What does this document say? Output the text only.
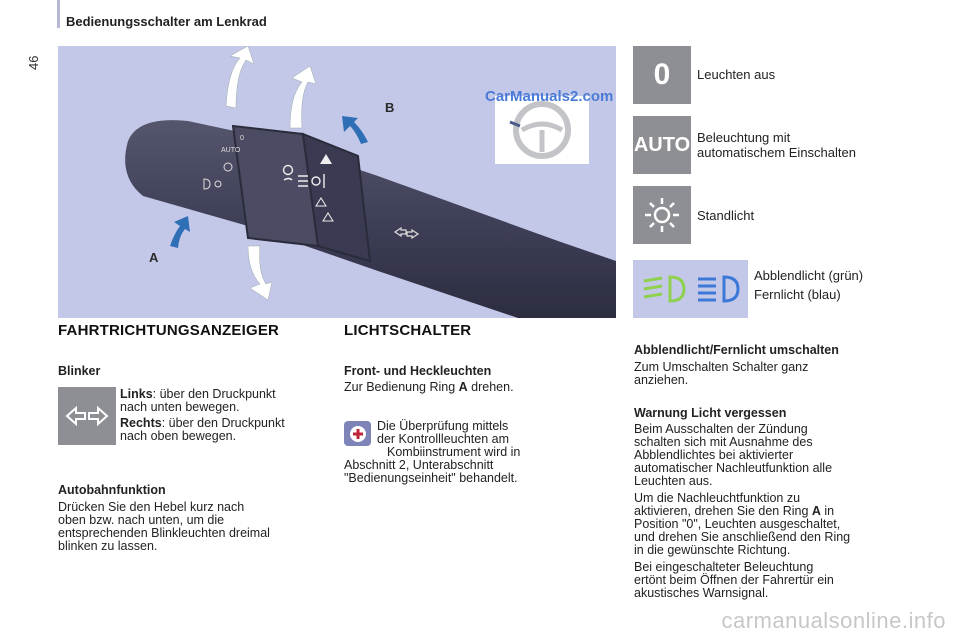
46
Bedienungsschalter am Lenkrad
0
AUTO
A
B
CarManuals2.com
0 Leuchten aus
AUTO Beleuchtung mit
automatischem Einschalten
Standlicht
Abblendlicht (grün)
Fernlicht (blau)
FAHRTRICHTUNGSANZEIGER
Blinker
Links: über den Druckpunkt
nach unten bewegen.
Rechts: über den Druckpunkt
nach oben bewegen.
Autobahnfunktion
Drücken Sie den Hebel kurz nach
oben bzw. nach unten, um die
entsprechenden Blinkleuchten dreimal
blinken zu lassen.
LICHTSCHALTER
Front- und Heckleuchten
Zur Bedienung Ring A drehen.
Die Überprüfung mittels
der Kontrollleuchten am
Kombiinstrument wird in
Abschnitt 2, Unterabschnitt
"Bedienungseinheit" behandelt.
Abblendlicht/Fernlicht umschalten
Zum Umschalten Schalter ganz
anziehen.
Warnung Licht vergessen
Beim Ausschalten der Zündung
schalten sich mit Ausnahme des
Abblendlichtes bei aktivierter
automatischer Nachleutfunktion alle
Leuchten aus.
Um die Nachleuchtfunktion zu
aktivieren, drehen Sie den Ring A in
Position "0", Leuchten ausgeschaltet,
und drehen Sie anschließend den Ring
in die gewünschte Richtung.
Bei eingeschalteter Beleuchtung
ertönt beim Öffnen der Fahrertür ein
akustisches Warnsignal.
carmanualsonline.info
